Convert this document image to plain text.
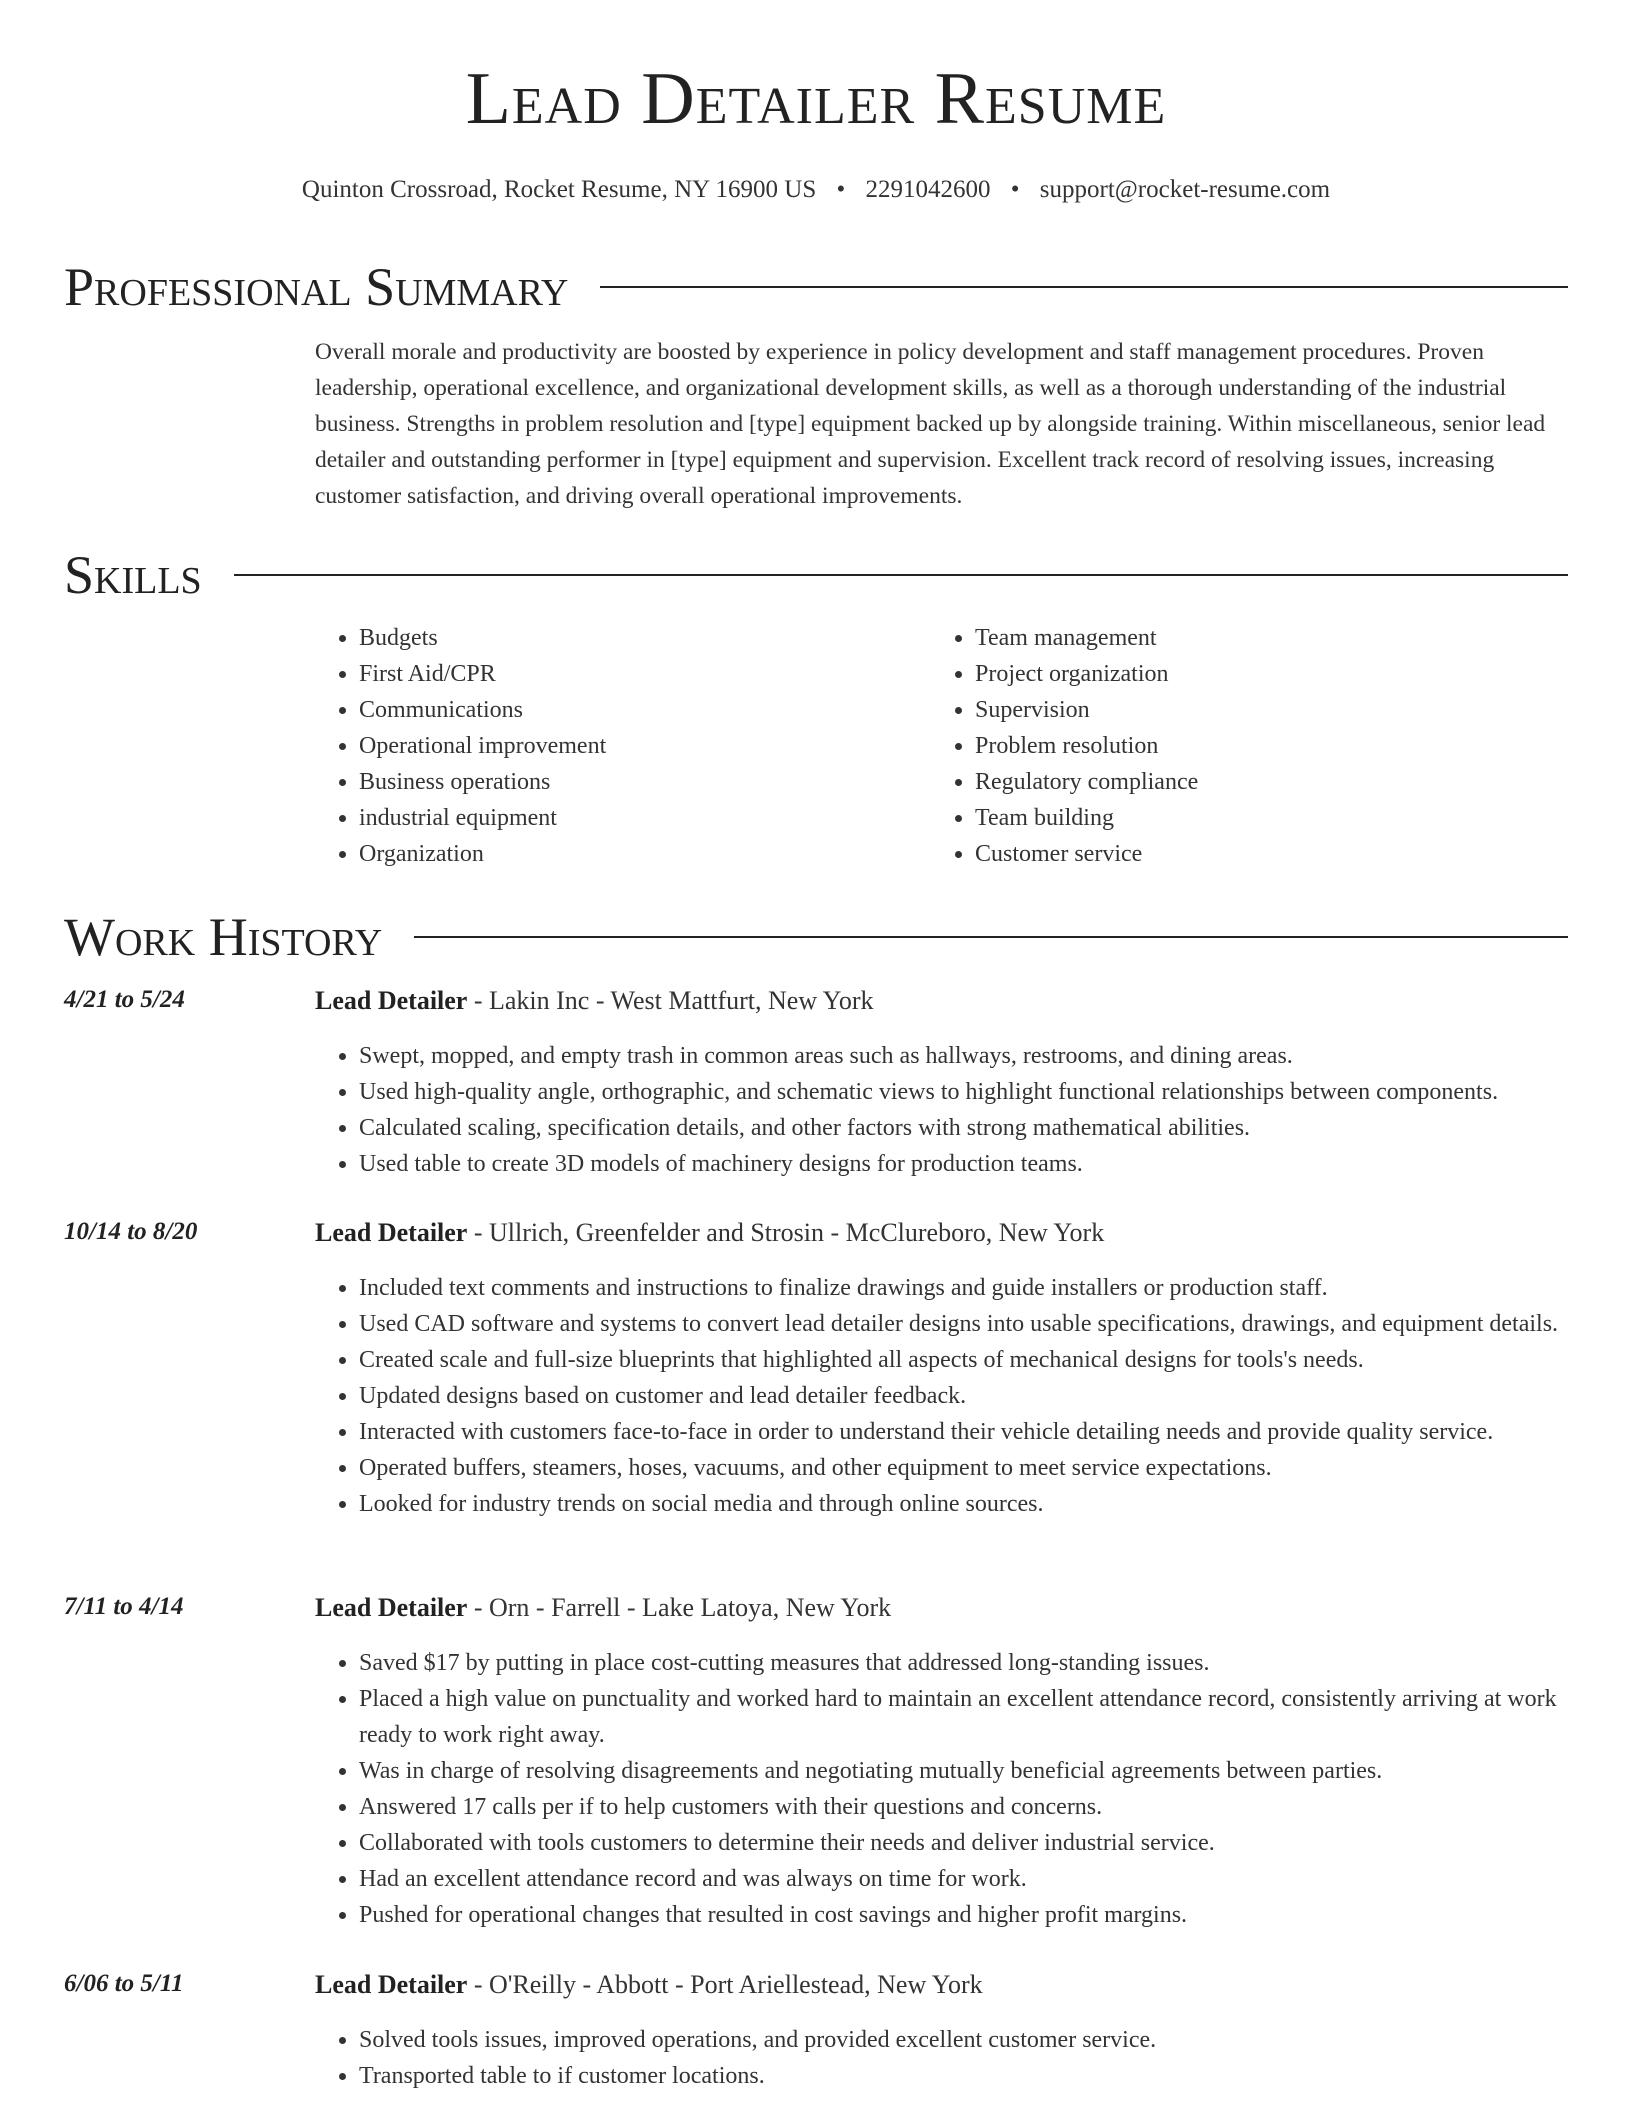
Lead Detailer Resume
Quinton Crossroad, Rocket Resume, NY 16900 US • 2291042600 • support@rocket-resume.com
Professional Summary

Overall morale and productivity are boosted by experience in policy development and staff management procedures. Proven leadership, operational excellence, and organizational development skills, as well as a thorough understanding of the industrial business. Strengths in problem resolution and [type] equipment backed up by alongside training. Within miscellaneous, senior lead detailer and outstanding performer in [type] equipment and supervision. Excellent track record of resolving issues, increasing customer satisfaction, and driving overall operational improvements.

Skills
• Budgets
• First Aid/CPR
• Communications
• Operational improvement
• Business operations
• industrial equipment
• Organization
• Team management
• Project organization
• Supervision
• Problem resolution
• Regulatory compliance
• Team building
• Customer service
Work History
4/21 to 5/24	Lead Detailer - Lakin Inc - West Mattfurt, New York
• Swept, mopped, and empty trash in common areas such as hallways, restrooms, and dining areas.
• Used high-quality angle, orthographic, and schematic views to highlight functional relationships between components.
• Calculated scaling, specification details, and other factors with strong mathematical abilities.
• Used table to create 3D models of machinery designs for production teams.
10/14 to 8/20	Lead Detailer - Ullrich, Greenfelder and Strosin - McClureboro, New York
• Included text comments and instructions to finalize drawings and guide installers or production staff.
• Used CAD software and systems to convert lead detailer designs into usable specifications, drawings, and equipment details.
• Created scale and full-size blueprints that highlighted all aspects of mechanical designs for tools's needs.
• Updated designs based on customer and lead detailer feedback.
• Interacted with customers face-to-face in order to understand their vehicle detailing needs and provide quality service.
• Operated buffers, steamers, hoses, vacuums, and other equipment to meet service expectations.
• Looked for industry trends on social media and through online sources.
7/11 to 4/14	Lead Detailer - Orn - Farrell - Lake Latoya, New York
• Saved $17 by putting in place cost-cutting measures that addressed long-standing issues.
• Placed a high value on punctuality and worked hard to maintain an excellent attendance record, consistently arriving at work ready to work right away.
• Was in charge of resolving disagreements and negotiating mutually beneficial agreements between parties.
• Answered 17 calls per if to help customers with their questions and concerns.
• Collaborated with tools customers to determine their needs and deliver industrial service.
• Had an excellent attendance record and was always on time for work.
• Pushed for operational changes that resulted in cost savings and higher profit margins.
6/06 to 5/11	Lead Detailer - O'Reilly - Abbott - Port Ariellestead, New York
• Solved tools issues, improved operations, and provided excellent customer service.
• Transported table to if customer locations.
